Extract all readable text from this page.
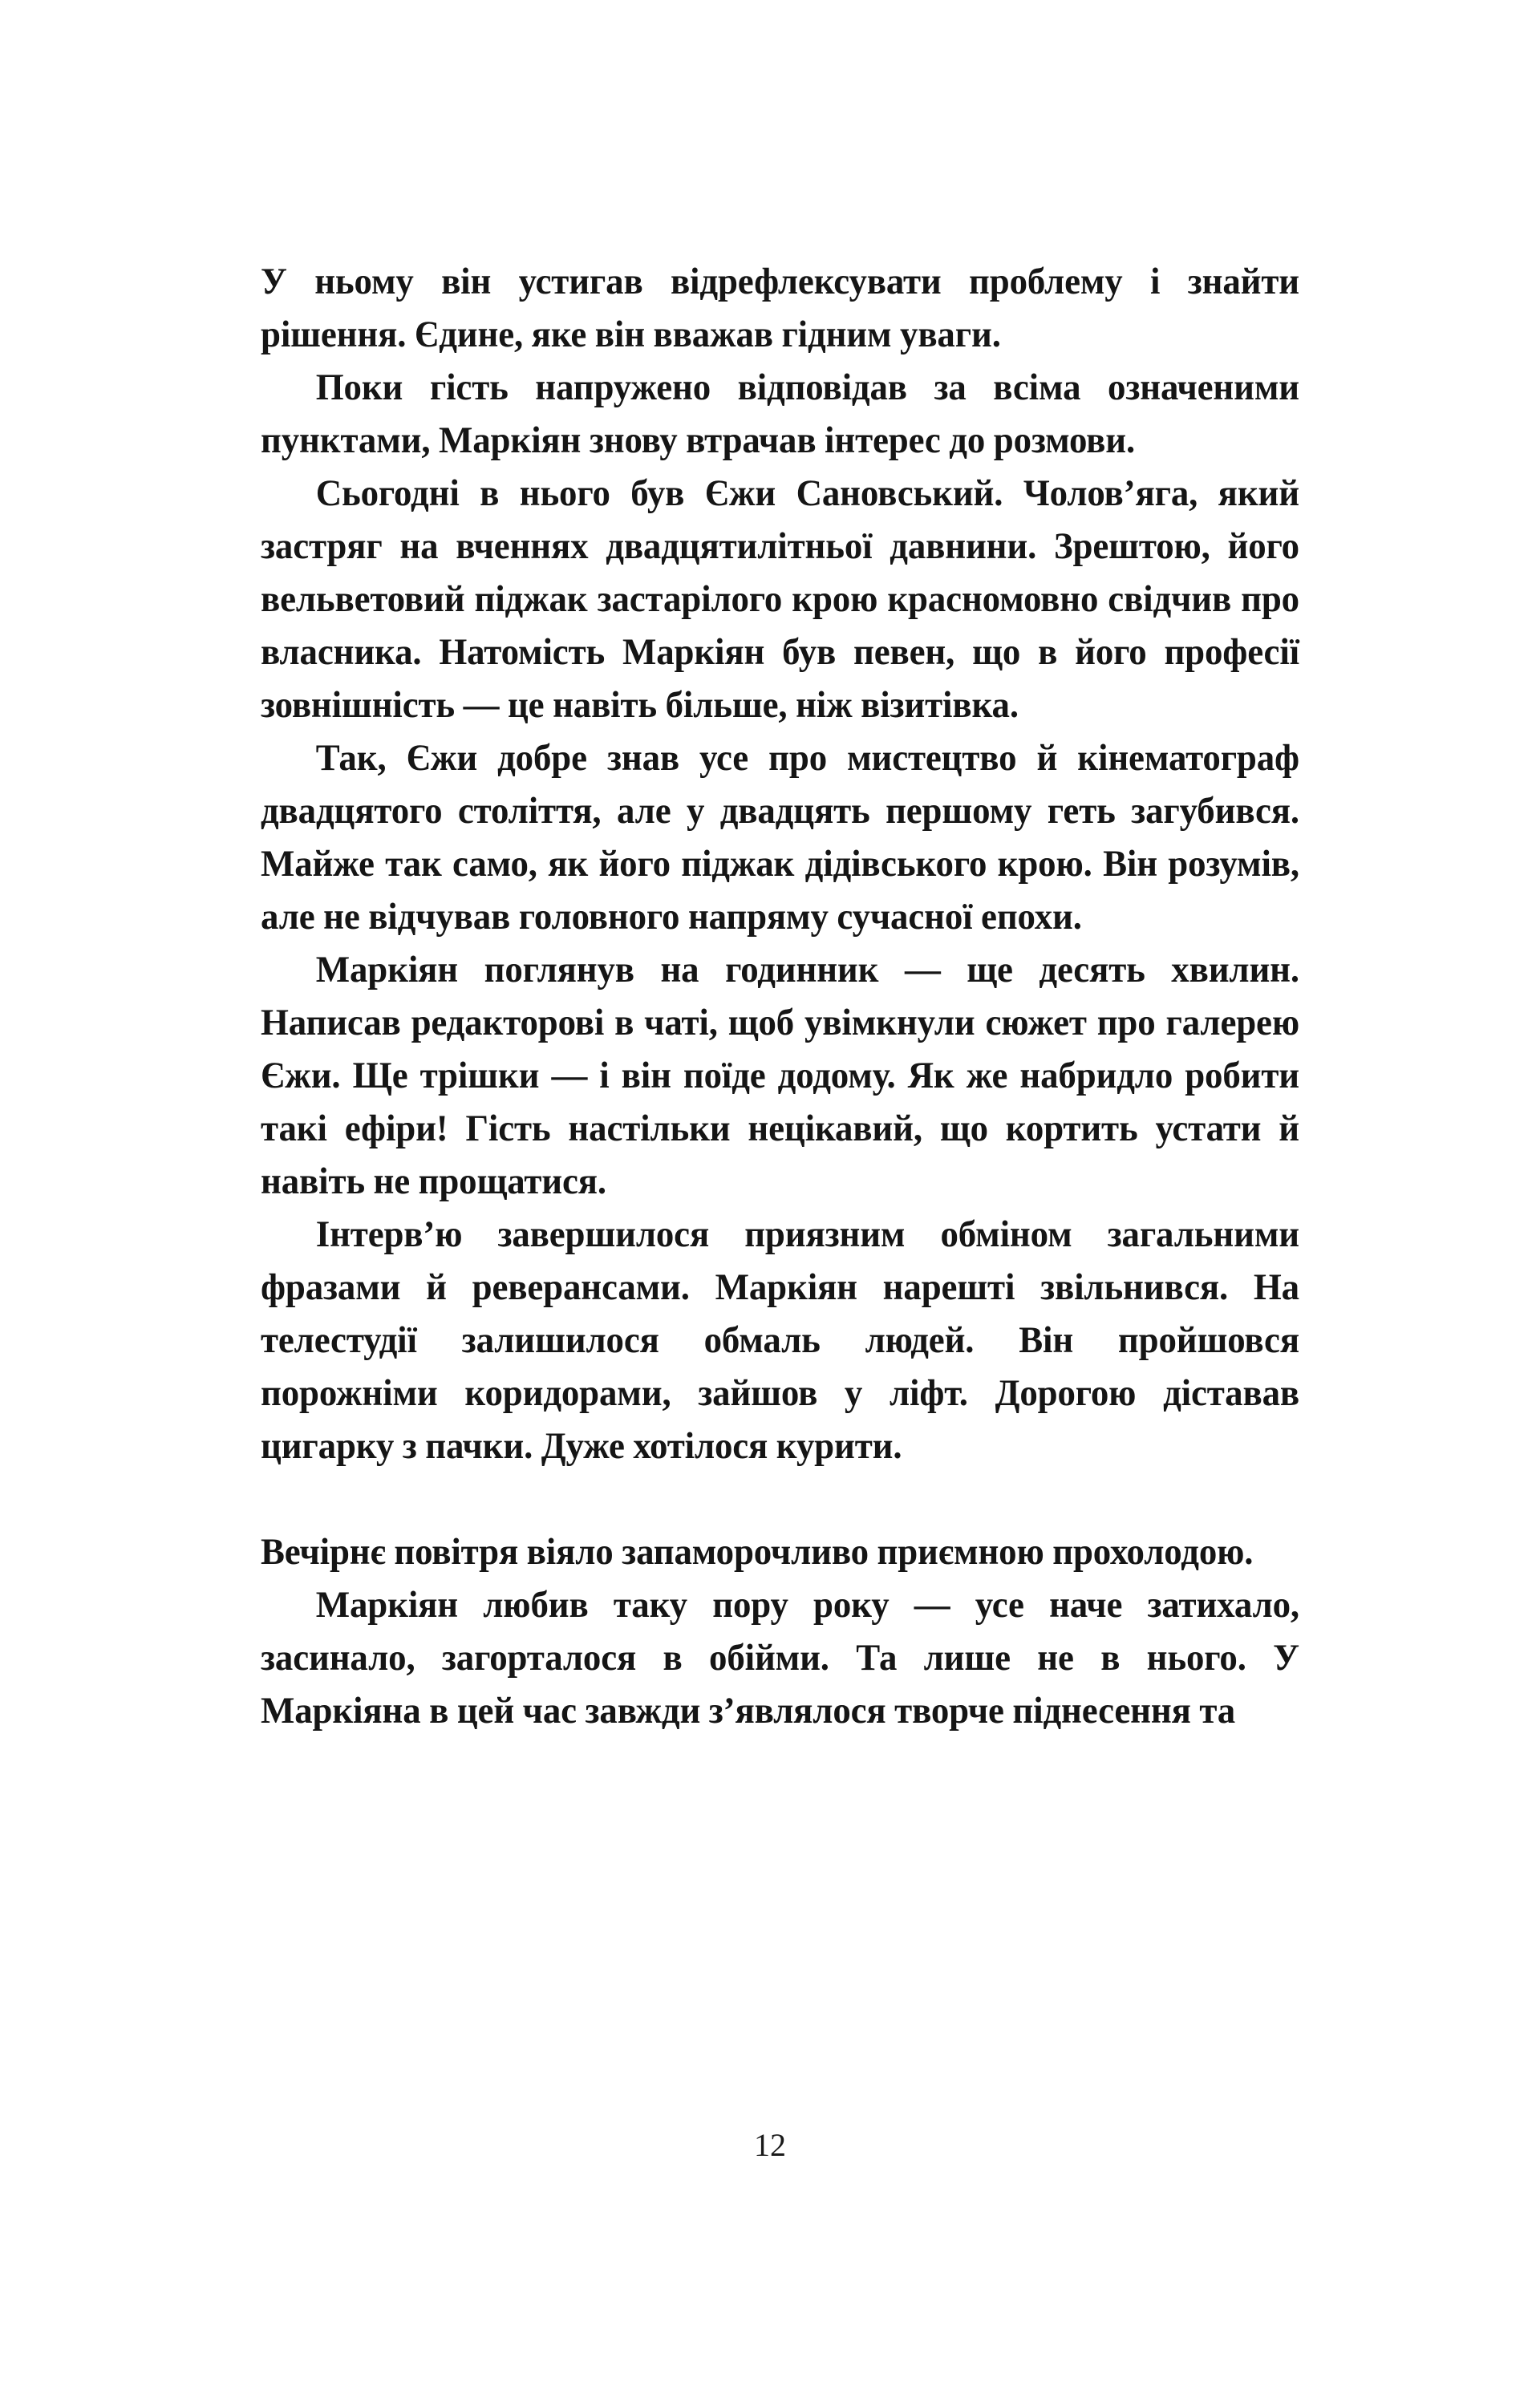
У ньому він устигав відрефлексувати проблему і знайти рішення. Єдине, яке він вважав гідним уваги.

Поки гість напружено відповідав за всіма означеними пунктами, Маркіян знову втрачав інтерес до розмови.

Сьогодні в нього був Єжи Сановський. Чолов’яга, який застряг на вченнях двадцятилітньої давнини. Зрештою, його вельветовий піджак застарілого крою красномовно свідчив про власника. Натомість Маркіян був певен, що в його професії зовнішність — це навіть більше, ніж візитівка.

Так, Єжи добре знав усе про мистецтво й кінематограф двадцятого століття, але у двадцять першому геть загубився. Майже так само, як його піджак дідівського крою. Він розумів, але не відчував головного напряму сучасної епохи.

Маркіян поглянув на годинник — ще десять хвилин. Написав редакторові в чаті, щоб увімкнули сюжет про галерею Єжи. Ще трішки — і він поїде додому. Як же набридло робити такі ефіри! Гість настільки нецікавий, що кортить устати й навіть не прощатися.

Інтерв’ю завершилося приязним обміном загальними фразами й реверансами. Маркіян нарешті звільнився. На телестудії залишилося обмаль людей. Він пройшовся порожніми коридорами, зайшов у ліфт. Дорогою діставав цигарку з пачки. Дуже хотілося курити.

Вечірнє повітря віяло запаморочливо приємною прохолодою.

Маркіян любив таку пору року — усе наче затихало, засинало, загорталося в обійми. Та лише не в нього. У Маркіяна в цей час завжди з’являлося творче піднесення та

12
